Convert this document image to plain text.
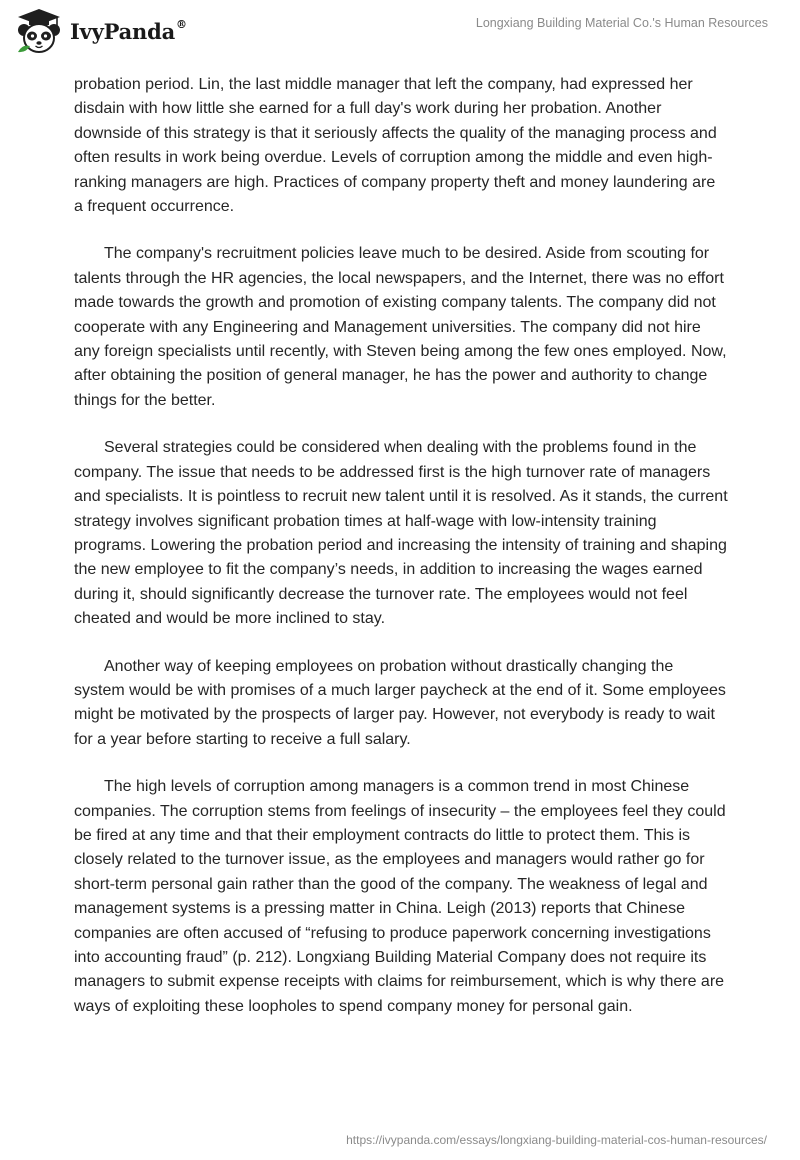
IvyPanda®	Longxiang Building Material Co.'s Human Resources

probation period. Lin, the last middle manager that left the company, had expressed her disdain with how little she earned for a full day's work during her probation. Another downside of this strategy is that it seriously affects the quality of the managing process and often results in work being overdue. Levels of corruption among the middle and even high-ranking managers are high. Practices of company property theft and money laundering are a frequent occurrence.

The company's recruitment policies leave much to be desired. Aside from scouting for talents through the HR agencies, the local newspapers, and the Internet, there was no effort made towards the growth and promotion of existing company talents. The company did not cooperate with any Engineering and Management universities. The company did not hire any foreign specialists until recently, with Steven being among the few ones employed. Now, after obtaining the position of general manager, he has the power and authority to change things for the better.

Several strategies could be considered when dealing with the problems found in the company. The issue that needs to be addressed first is the high turnover rate of managers and specialists. It is pointless to recruit new talent until it is resolved. As it stands, the current strategy involves significant probation times at half-wage with low-intensity training programs. Lowering the probation period and increasing the intensity of training and shaping the new employee to fit the company’s needs, in addition to increasing the wages earned during it, should significantly decrease the turnover rate. The employees would not feel cheated and would be more inclined to stay.

Another way of keeping employees on probation without drastically changing the system would be with promises of a much larger paycheck at the end of it. Some employees might be motivated by the prospects of larger pay. However, not everybody is ready to wait for a year before starting to receive a full salary.

The high levels of corruption among managers is a common trend in most Chinese companies. The corruption stems from feelings of insecurity – the employees feel they could be fired at any time and that their employment contracts do little to protect them. This is closely related to the turnover issue, as the employees and managers would rather go for short-term personal gain rather than the good of the company. The weakness of legal and management systems is a pressing matter in China. Leigh (2013) reports that Chinese companies are often accused of “refusing to produce paperwork concerning investigations into accounting fraud” (p. 212). Longxiang Building Material Company does not require its managers to submit expense receipts with claims for reimbursement, which is why there are ways of exploiting these loopholes to spend company money for personal gain.

https://ivypanda.com/essays/longxiang-building-material-cos-human-resources/
